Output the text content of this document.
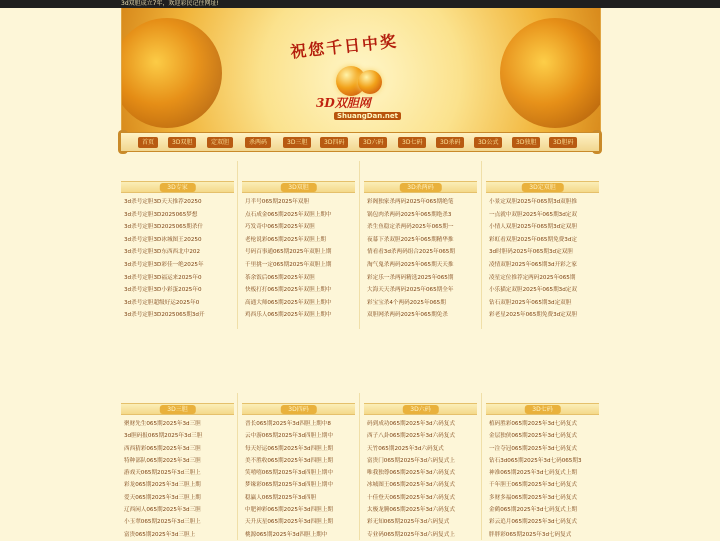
3d双胆成立7年，欢迎彩民记住网址!
祝您千日中奖
3D双胆网
ShuangDan.net
首页	3D双胆	定双胆	杀两码	3D三胆	3D四码	3D六码	3D七码	3D杀码	3D公式	3D独胆	3D胆码
3D专家
3d杀号定胆3D天天推荐20250
3d杀号定胆3D2025065梦想
3d杀号定胆3D2025065期杀什
3d杀号定胆3D冰城图王20250
3d杀号定胆3D东西西北中202
3d杀号定胆3D彩佳一绝2025年
3d杀号定胆3D福运来2025年0
3d杀号定胆3D小彩蛋2025年0
3d杀号定胆超级好运2025年0
3d杀号定胆3D2025065期3d开
3D双胆
月半号065期2025年双胆
点石成金065期2025年双胆上期中
巧发奇中065期2025年双胆
老枪说彩065期2025年双胆上期
号码百事通065期2025年双胆上期
千里挑一定065期2025年双胆上期
茶余饭后065期2025年双胆
快板打打065期2025年双胆上期中
高通大师065期2025年双胆上期中
鸡西乐人065期2025年双胆上期中
3D杀两码
彩阁独家杀两码2025年065期绝笔
锅包肉杀两码2025年065期绝杀3
杀生鱼稳定杀两码2025年065期一
夜幕下杀双胆2025年065期精华推
情看看3d杀两码组合2025年065期
淘气鬼杀两码2025年065期天天推
彩定乐一杀两码精选2025年065期
大海天天杀两码2025年065期全年
彩宝宝杀4个两码2025年065期
双胆网杀两码2025年065期免杀
3D定双胆
小景定双胆2025年065期3d双胆推
一点就中双胆2025年065期3d定双
小情人双胆2025年065期3d定双胆
彩虹看双胆2025年065期免费3d定
3d时胆码2025年065期3d定双胆
凌情双胆2025年065期3d开彩之家
凌星定位推荐定两码2025年065期
小乐猫定双胆2025年065期3d定双
钻石双胆2025年065期3d定双胆
彩老星2025年065期免费3d定双胆
3D三胆
聚财先生065期2025年3d三胆
3d胆码报065期2025年3d三胆
西西猜彩065期2025年3d三胆
特种部队065期2025年3d三胆
游戏天065期2025年3d三胆上
彩龙065期2025年3d三胆上期
爱天065期2025年3d三胆上期
辽西闲人065期2025年3d三胆
小玉翠065期2025年3d三胆上
富贵065期2025年3d三胆上
3D四码
晋长065期2025年3d四胆上期中8
云中游065期2025年3d四胆上期中
每天好运065期2025年3d四胆上期
美不胜收065期2025年3d四胆上期
笑嘻嘻065期2025年3d四胆上期中
梦缘彩065期2025年3d四胆上期中
稳赢人065期2025年3d四胆
中肥神彩065期2025年3d四胆上期
天升庆星065期2025年3d四胆上期
桃源065期2025年3d四胆上期中
3D六码
码到成功065期2025年3d六码复式
西子八卦065期2025年3d六码复式
天竹065期2025年3d六码复式
富贵门065期2025年3d六码复式上
唯我独尊065期2025年3d六码复式
冰城图王065期2025年3d六码复式
十佳登天065期2025年3d六码复式
太极龙腾065期2025年3d六码复式
彩无知065期2025年3d六码复式
专业码065期2025年3d六码复式上
3D七码
植码胜彩065期2025年3d七码复式
金层独侠065期2025年3d七码复式
一注夺冠065期2025年3d七码复式
钻石3d065期2025年3d七码065期3
神准065期2025年3d七码复式上期
千年胆王065期2025年3d七码复式
多财多福065期2025年3d七码复式
金鹤065期2025年3d七码复式上期
彩云追月065期2025年3d七码复式
胖胖彩065期2025年3d七码复式
